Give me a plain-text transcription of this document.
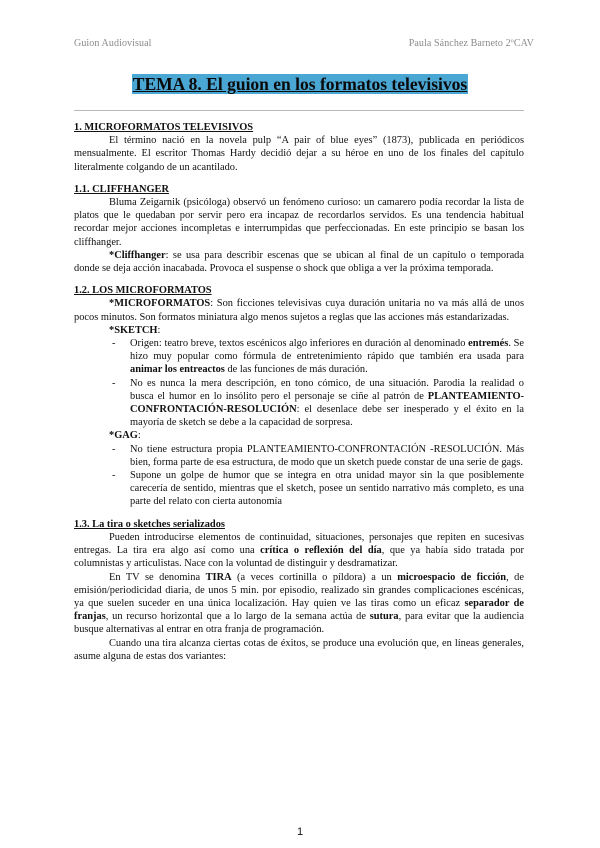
Guion Audiovisual	Paula Sánchez Barneto 2ºCAV
TEMA 8. El guion en los formatos televisivos
1. MICROFORMATOS TELEVISIVOS

El término nació en la novela pulp “A pair of blue eyes” (1873), publicada en periódicos mensualmente. El escritor Thomas Hardy decidió dejar a su héroe en uno de los finales del capítulo literalmente colgando de un acantilado.

1.1. CLIFFHANGER

Bluma Zeigarnik (psicóloga) observó un fenómeno curioso: un camarero podía recordar la lista de platos que le quedaban por servir pero era incapaz de recordarlos servidos. Es una tendencia habitual recordar mejor acciones incompletas e interrumpidas que perfeccionadas. En este principio se basan los cliffhanger.

*Cliffhanger: se usa para describir escenas que se ubican al final de un capítulo o temporada donde se deja acción inacabada. Provoca el suspense o shock que obliga a ver la próxima temporada.

1.2. LOS MICROFORMATOS

*MICROFORMATOS: Son ficciones televisivas cuya duración unitaria no va más allá de unos pocos minutos. Son formatos miniatura algo menos sujetos a reglas que las acciones más estandarizadas.

*SKETCH:

- Origen: teatro breve, textos escénicos algo inferiores en duración al denominado entremés. Se hizo muy popular como fórmula de entretenimiento rápido que también era usada para animar los entreactos de las funciones de más duración.
- No es nunca la mera descripción, en tono cómico, de una situación. Parodia la realidad o busca el humor en lo insólito pero el personaje se ciñe al patrón de PLANTEAMIENTO-CONFRONTACIÓN-RESOLUCIÓN: el desenlace debe ser inesperado y el éxito en la mayoría de sketch se debe a la capacidad de sorpresa.

*GAG:

- No tiene estructura propia PLANTEAMIENTO-CONFRONTACIÓN -RESOLUCIÓN. Más bien, forma parte de esa estructura, de modo que un sketch puede constar de una serie de gags.
- Supone un golpe de humor que se integra en otra unidad mayor sin la que posiblemente carecería de sentido, mientras que el sketch, posee un sentido narrativo más completo, es una parte del relato con cierta autonomía
1.3. La tira o sketches serializados

Pueden introducirse elementos de continuidad, situaciones, personajes que repiten en sucesivas entregas. La tira era algo así como una crítica o reflexión del día, que ya había sido tratada por columnistas y articulistas. Nace con la voluntad de distinguir y desdramatizar.

En TV se denomina TIRA (a veces cortinilla o píldora) a un microespacio de ficción, de emisión/periodicidad diaria, de unos 5 min. por episodio, realizado sin grandes complicaciones escénicas, ya que suelen suceder en una única localización. Hay quien ve las tiras como un eficaz separador de franjas, un recurso horizontal que a lo largo de la semana actúa de sutura, para evitar que la audiencia busque alternativas al entrar en otra franja de programación.

Cuando una tira alcanza ciertas cotas de éxitos, se produce una evolución que, en líneas generales, asume alguna de estas dos variantes:

1
